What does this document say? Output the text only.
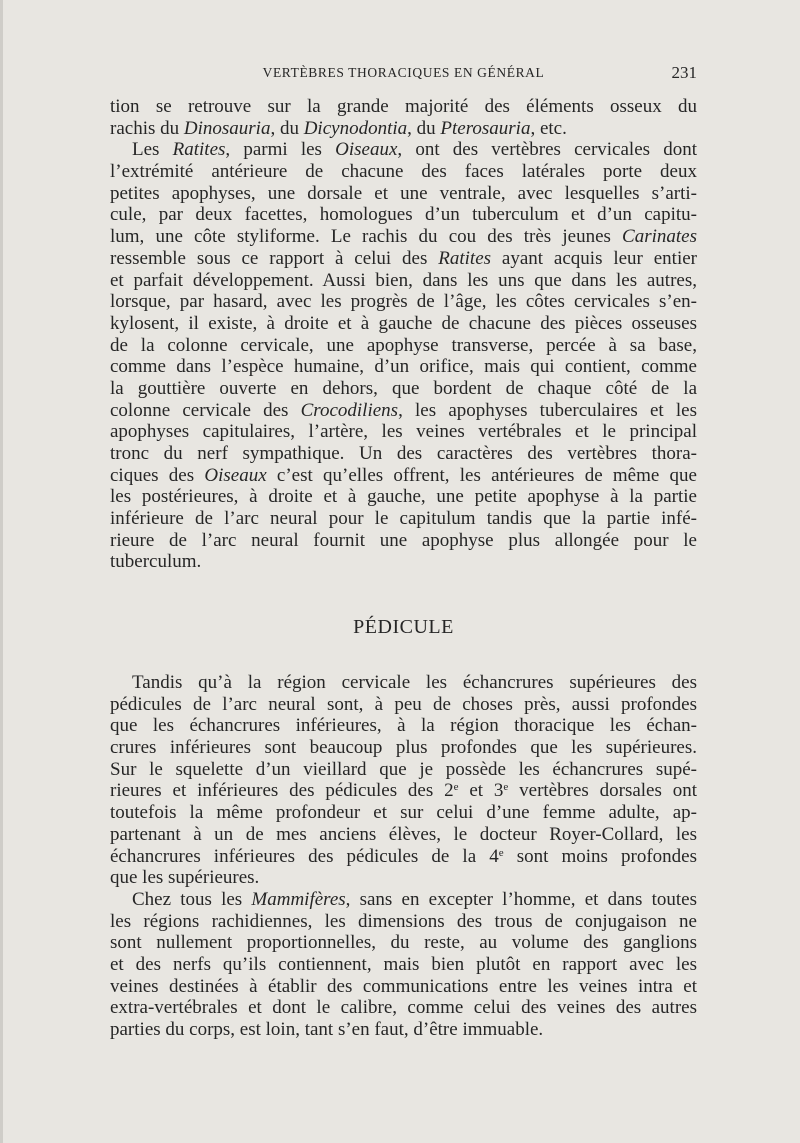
VERTÈBRES THORACIQUES EN GÉNÉRAL	231
tion se retrouve sur la grande majorité des éléments osseux du
rachis du Dinosauria, du Dicynodontia, du Pterosauria, etc.
Les Ratites, parmi les Oiseaux, ont des vertèbres cervicales dont
l’extrémité antérieure de chacune des faces latérales porte deux
petites apophyses, une dorsale et une ventrale, avec lesquelles s’arti-
cule, par deux facettes, homologues d’un tuberculum et d’un capitu-
lum, une côte styliforme. Le rachis du cou des très jeunes Carinates
ressemble sous ce rapport à celui des Ratites ayant acquis leur entier
et parfait développement. Aussi bien, dans les uns que dans les autres,
lorsque, par hasard, avec les progrès de l’âge, les côtes cervicales s’en-
kylosent, il existe, à droite et à gauche de chacune des pièces osseuses
de la colonne cervicale, une apophyse transverse, percée à sa base,
comme dans l’espèce humaine, d’un orifice, mais qui contient, comme
la gouttière ouverte en dehors, que bordent de chaque côté de la
colonne cervicale des Crocodiliens, les apophyses tuberculaires et les
apophyses capitulaires, l’artère, les veines vertébrales et le principal
tronc du nerf sympathique. Un des caractères des vertèbres thora-
ciques des Oiseaux c’est qu’elles offrent, les antérieures de même que
les postérieures, à droite et à gauche, une petite apophyse à la partie
inférieure de l’arc neural pour le capitulum tandis que la partie infé-
rieure de l’arc neural fournit une apophyse plus allongée pour le
tuberculum.
PÉDICULE
Tandis qu’à la région cervicale les échancrures supérieures des
pédicules de l’arc neural sont, à peu de choses près, aussi profondes
que les échancrures inférieures, à la région thoracique les échan-
crures inférieures sont beaucoup plus profondes que les supérieures.
Sur le squelette d’un vieillard que je possède les échancrures supé-
rieures et inférieures des pédicules des 2e et 3e vertèbres dorsales ont
toutefois la même profondeur et sur celui d’une femme adulte, ap-
partenant à un de mes anciens élèves, le docteur Royer-Collard, les
échancrures inférieures des pédicules de la 4e sont moins profondes
que les supérieures.
Chez tous les Mammifères, sans en excepter l’homme, et dans toutes
les régions rachidiennes, les dimensions des trous de conjugaison ne
sont nullement proportionnelles, du reste, au volume des ganglions
et des nerfs qu’ils contiennent, mais bien plutôt en rapport avec les
veines destinées à établir des communications entre les veines intra et
extra-vertébrales et dont le calibre, comme celui des veines des autres
parties du corps, est loin, tant s’en faut, d’être immuable.
